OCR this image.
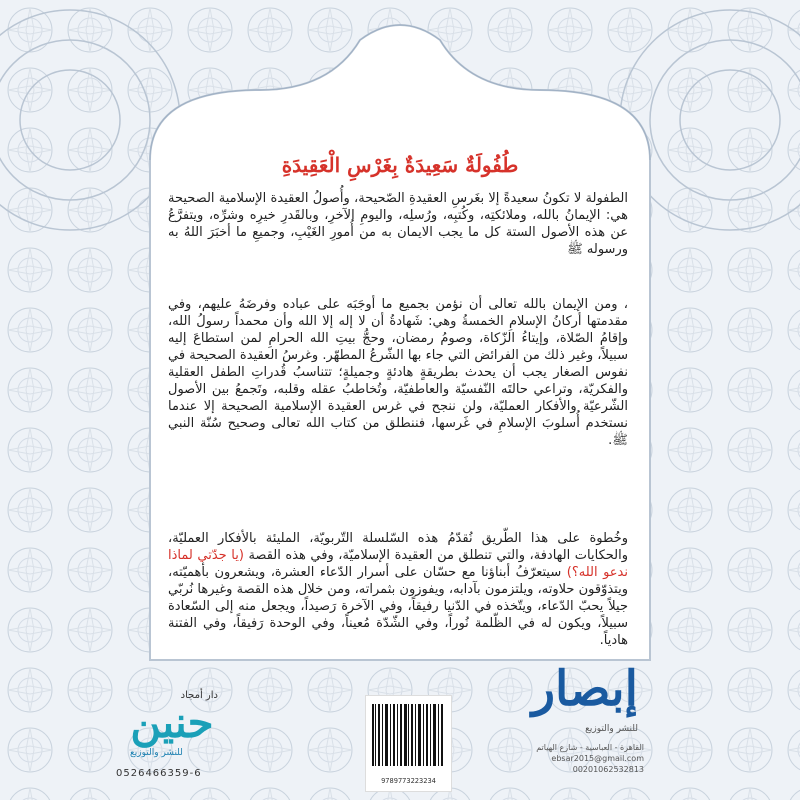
طُفُولَةٌ سَعِيدَةٌ بِغَرْسِ الْعَقِيدَةِ

الطفولة لا تكونُ سعيدةً إلا بغَرسِ العقيدةِ الصّحيحة، وأُصولُ العقيدة الإسلامية الصحيحة هي: الإيمانُ بالله، وملائكتِه، وكُتبِه، ورُسلِه، واليومِ الآخرِ، وبالقَدرِ خيرِه وشرِّه، ويتفرَّعُ عن هذه الأصول الستة كل ما يجب الايمان به من أُمورِ الغَيْبِ، وجميعِ ما أخبَرَ اللهُ به ورسوله ﷺ

، ومن الإيمان بالله تعالى أن نؤمن بجميع ما أوجَبَه على عباده وفرضَهُ عليهم، وفي مقدمتها أركانُ الإسلامِ الخمسةُ وهي: شَهادةُ أن لا إله إلا الله وأن محمداً رسولُ الله، وإقامُ الصّلاة، وإيتاءُ الزّكاة، وصومُ رمضان، وحجُّ بيتِ الله الحرامِ لمن استطاعَ إليه سبيلاً، وغير ذلك من الفرائض التي جاء بها الشّرعُ المطهّر. وغرسُ العقيدة الصحيحة في نفوس الصغار يجب أن يحدث بطريقةٍ هادئةٍ وجميلةٍ؛ تتناسبُ قُدراتِ الطفل العقلية والفكريّة، وتراعي حالتَه النّفسيّة والعاطفيّة، وتُخاطبُ عقله وقلبه، وتَجمعُ بين الأصول الشّرعيّة والأفكار العمليّة، ولن ننجح في غرس العقيدة الإسلامية الصحيحة إلا عندما نستخدم أُسلوبَ الإسلامِ في غَرسها، فننطلق من كتاب الله تعالى وصحيح سُنّة النبي ﷺ.

وخُطوة على هذا الطّريق نُقدّمُ هذه السّلسلة التّربويّة، المليئة بالأفكار العمليّة، والحكايات الهادفة، والتي تنطلق من العقيدة الإسلاميّة، وفي هذه القصة (يا جدّتي لماذا ندعو الله؟) سيتعرّفُ أبناؤنا مع حسّان على أسرار الدّعاء العشرة، ويشعرون بأهميّته، ويتذوّقون حلاوته، ويلتزمون بآدابه، ويفوزون بثمراته، ومن خلال هذه القصة وغيرها نُربّي جيلاً يحبّ الدّعاء، ويتّخذه في الدّنيا رفيقاً، وفي الآخرة رَصيداً، ويجعل منه إلى السّعادة سبيلاً، ويكون له في الظّلمة نُوراً، وفي الشّدّة مُعيناً، وفي الوحدة رَفيقاً، وفي الفتنة هادياً.

دار أمجاد
حنين
للنشر والتوزيع
0526466359-6
9789773223234
إبصار
للنشر والتوزيع
القاهرة - العباسية - شارع الهياتم
ebsar2015@gmail.com
00201062532813
